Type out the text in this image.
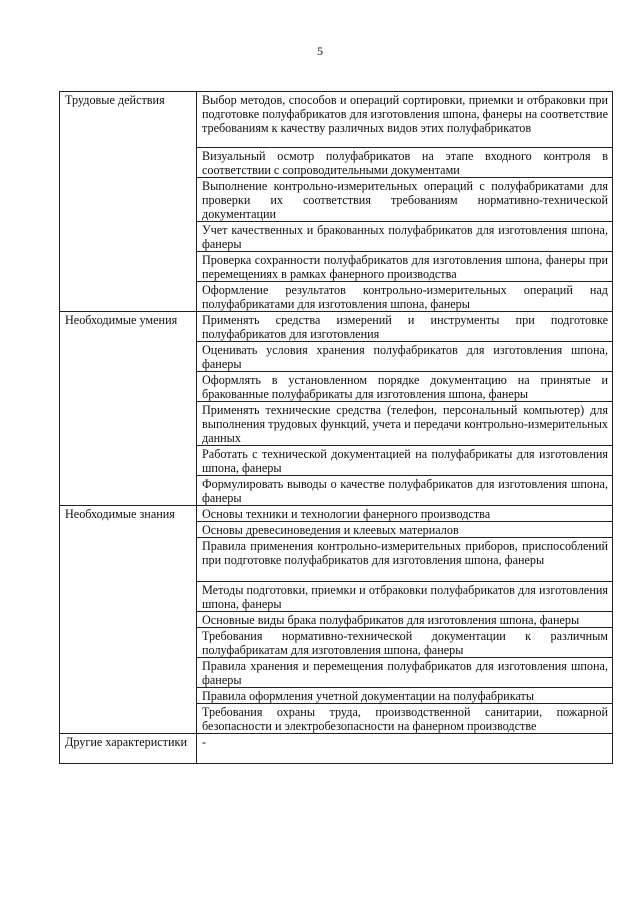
5
Трудовые действия	Выбор методов, способов и операций сортировки, приемки и отбраковки при подготовке полуфабрикатов для изготовления шпона, фанеры на соответствие требованиям к качеству различных видов этих полуфабрикатов
	Визуальный осмотр полуфабрикатов на этапе входного контроля в соответствии с сопроводительными документами
	Выполнение контрольно-измерительных операций с полуфабрикатами для проверки их соответствия требованиям нормативно-технической документации
	Учет качественных и бракованных полуфабрикатов для изготовления шпона, фанеры
	Проверка сохранности полуфабрикатов для изготовления шпона, фанеры при перемещениях в рамках фанерного производства
	Оформление результатов контрольно-измерительных операций над полуфабрикатами для изготовления шпона, фанеры
Необходимые умения	Применять средства измерений и инструменты при подготовке полуфабрикатов для изготовления
	Оценивать условия хранения полуфабрикатов для изготовления шпона, фанеры
	Оформлять в установленном порядке документацию на принятые и бракованные полуфабрикаты для изготовления шпона, фанеры
	Применять технические средства (телефон, персональный компьютер) для выполнения трудовых функций, учета и передачи контрольно-измерительных данных
	Работать с технической документацией на полуфабрикаты для изготовления шпона, фанеры
	Формулировать выводы о качестве полуфабрикатов для изготовления шпона, фанеры
Необходимые знания	Основы техники и технологии фанерного производства
	Основы древесиноведения и клеевых материалов
	Правила применения контрольно-измерительных приборов, приспособлений при подготовке полуфабрикатов для изготовления шпона, фанеры
	Методы подготовки, приемки и отбраковки полуфабрикатов для изготовления шпона, фанеры
	Основные виды брака полуфабрикатов для изготовления шпона, фанеры
	Требования нормативно-технической документации к различным полуфабрикатам для изготовления шпона, фанеры
	Правила хранения и перемещения полуфабрикатов для изготовления шпона, фанеры
	Правила оформления учетной документации на полуфабрикаты
	Требования охраны труда, производственной санитарии, пожарной безопасности и электробезопасности на фанерном производстве
Другие характеристики	-
